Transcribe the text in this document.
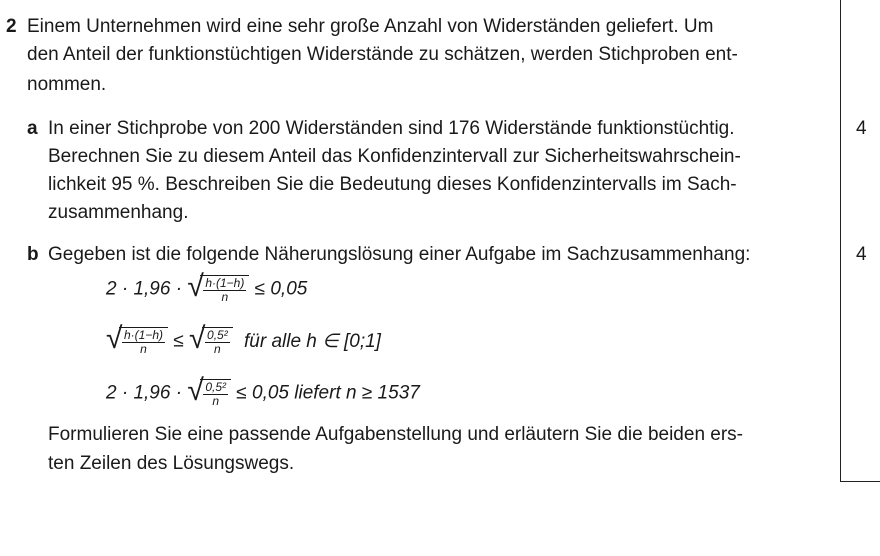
2 Einem Unternehmen wird eine sehr große Anzahl von Widerständen geliefert. Um
den Anteil der funktionstüchtigen Widerstände zu schätzen, werden Stichproben ent-
nommen.
a In einer Stichprobe von 200 Widerständen sind 176 Widerstände funktionstüchtig.
Berechnen Sie zu diesem Anteil das Konfidenzintervall zur Sicherheitswahrschein-
lichkeit 95 %. Beschreiben Sie die Bedeutung dieses Konfidenzintervalls im Sach-
zusammenhang.
4
b Gegeben ist die folgende Näherungslösung einer Aufgabe im Sachzusammenhang:	4
2 · 1,96 · √ $\frac{h\cdot(1-h)}{n} \le 0,05$
√ $\frac{h\cdot(1-h)}{n}$ ≤ √ $\frac{\text{0,5²}}{n}$ für alle h ∈ [0;1]
2 · 1,96 · √ $\frac{\text{0,5²}}{n} \le 0,05$ liefert n ≥ 1537
Formulieren Sie eine passende Aufgabenstellung und erläutern Sie die beiden ers-
ten Zeilen des Lösungswegs.
